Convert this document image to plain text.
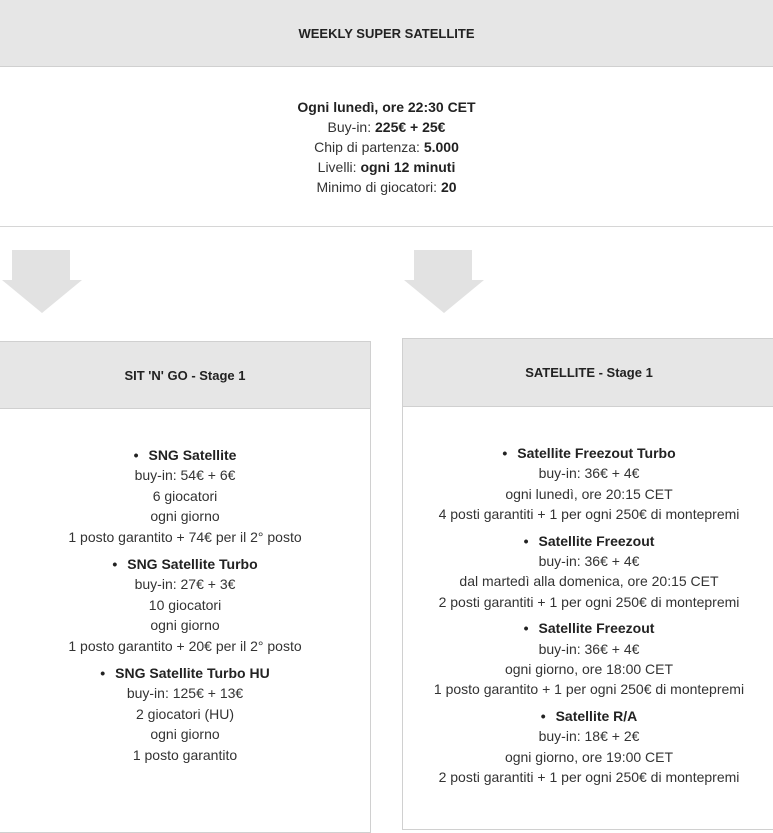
WEEKLY SUPER SATELLITE
Ogni lunedì, ore 22:30 CET
Buy-in: 225€ + 25€
Chip di partenza: 5.000
Livelli: ogni 12 minuti
Minimo di giocatori: 20
SIT 'N' GO - Stage 1
• SNG Satellite
buy-in: 54€ + 6€
6 giocatori
ogni giorno
1 posto garantito + 74€ per il 2° posto
• SNG Satellite Turbo
buy-in: 27€ + 3€
10 giocatori
ogni giorno
1 posto garantito + 20€ per il 2° posto
• SNG Satellite Turbo HU
buy-in: 125€ + 13€
2 giocatori (HU)
ogni giorno
1 posto garantito
SATELLITE - Stage 1
• Satellite Freezout Turbo
buy-in: 36€ + 4€
ogni lunedì, ore 20:15 CET
4 posti garantiti + 1 per ogni 250€ di montepremi
• Satellite Freezout
buy-in: 36€ + 4€
dal martedì alla domenica, ore 20:15 CET
2 posti garantiti + 1 per ogni 250€ di montepremi
• Satellite Freezout
buy-in: 36€ + 4€
ogni giorno, ore 18:00 CET
1 posto garantito + 1 per ogni 250€ di montepremi
• Satellite R/A
buy-in: 18€ + 2€
ogni giorno, ore 19:00 CET
2 posti garantiti + 1 per ogni 250€ di montepremi
